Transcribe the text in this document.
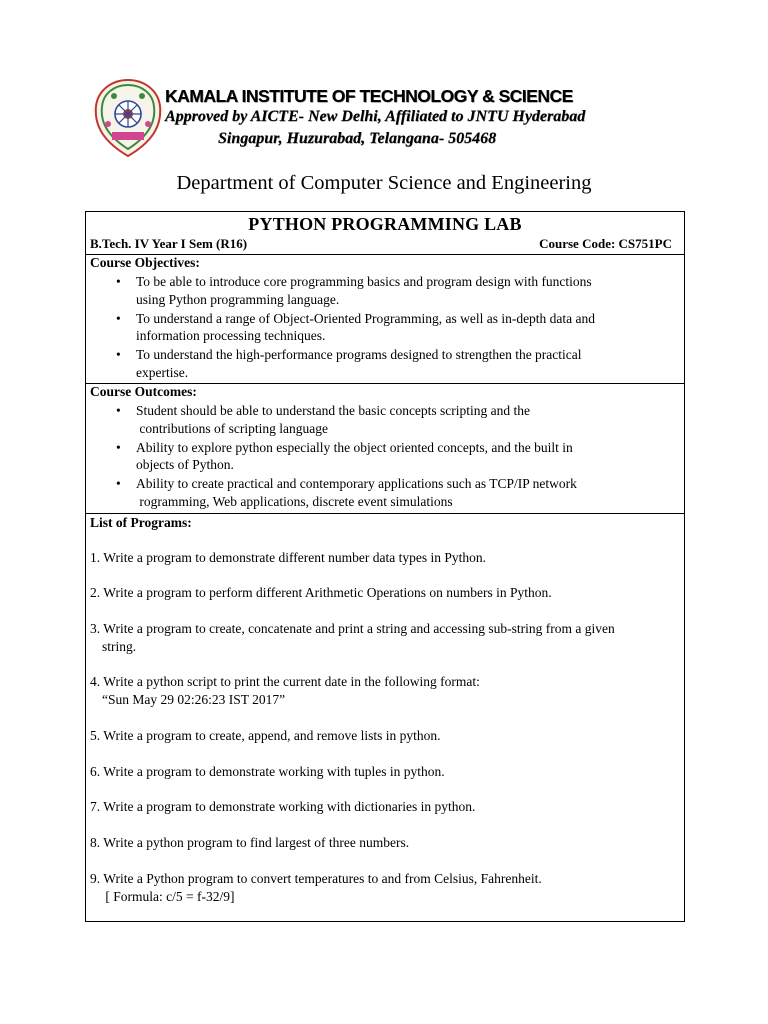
KAMALA INSTITUTE OF TECHNOLOGY & SCIENCE
Approved by AICTE- New Delhi, Affiliated to JNTU Hyderabad
Singapur, Huzurabad, Telangana- 505468
Department of Computer Science and Engineering
PYTHON PROGRAMMING LAB
B.Tech. IV Year I Sem (R16)	Course Code: CS751PC
Course Objectives:
• To be able to introduce core programming basics and program design with functions
using Python programming language.
• To understand a range of Object-Oriented Programming, as well as in-depth data and
information processing techniques.
• To understand the high-performance programs designed to strengthen the practical
expertise.
Course Outcomes:
• Student should be able to understand the basic concepts scripting and the
contributions of scripting language
• Ability to explore python especially the object oriented concepts, and the built in
objects of Python.
• Ability to create practical and contemporary applications such as TCP/IP network
rogramming, Web applications, discrete event simulations
List of Programs:
1. Write a program to demonstrate different number data types in Python.
2. Write a program to perform different Arithmetic Operations on numbers in Python.
3. Write a program to create, concatenate and print a string and accessing sub-string from a given
string.
4. Write a python script to print the current date in the following format:
“Sun May 29 02:26:23 IST 2017”
5. Write a program to create, append, and remove lists in python.
6. Write a program to demonstrate working with tuples in python.
7. Write a program to demonstrate working with dictionaries in python.
8. Write a python program to find largest of three numbers.
9. Write a Python program to convert temperatures to and from Celsius, Fahrenheit.
[ Formula: c/5 = f-32/9]
